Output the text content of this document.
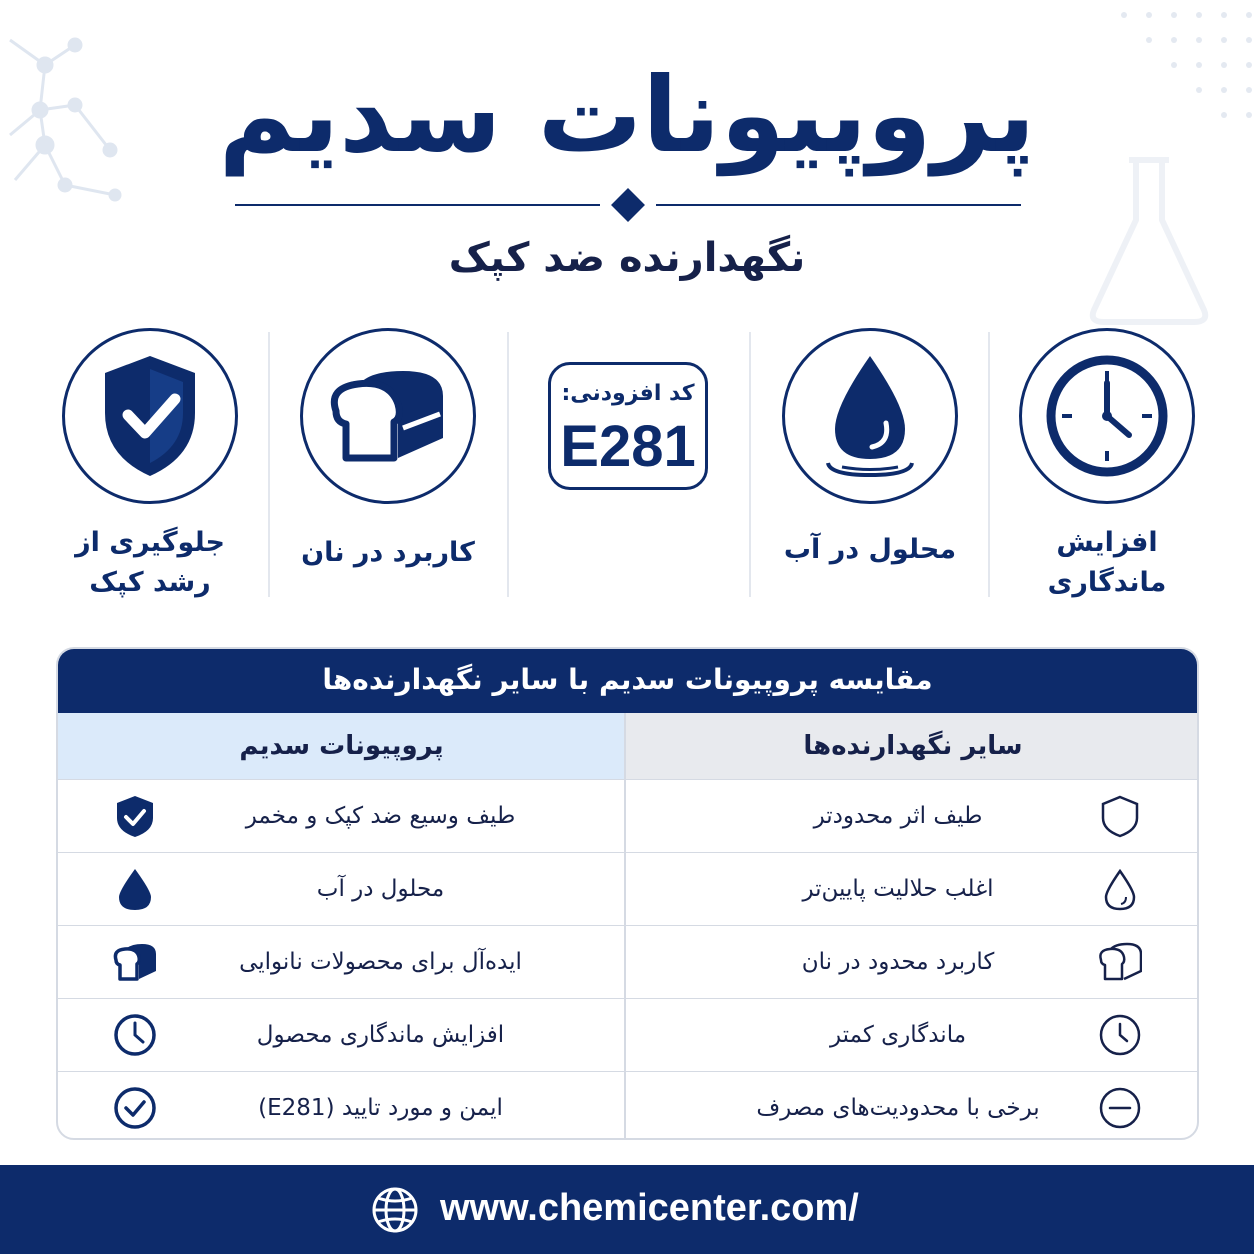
پروپیونات سدیم
نگهدارنده ضد کپک
جلوگیری از رشد کپک
کاربرد در نان
کد افزودنی:
E281
محلول در آب	افزایش ماندگاری
مقایسه پروپیونات سدیم با سایر نگهدارنده‌ها
پروپیونات سدیم	سایر نگهدارنده‌ها
طیف وسیع ضد کپک و مخمر	طیف اثر محدودتر
محلول در آب	اغلب حلالیت پایین‌تر
ایده‌آل برای محصولات نانوایی	کاربرد محدود در نان
افزایش ماندگاری محصول	ماندگاری کمتر
ایمن و مورد تایید (E281)	برخی با محدودیت‌های مصرف
www.chemicenter.com/
